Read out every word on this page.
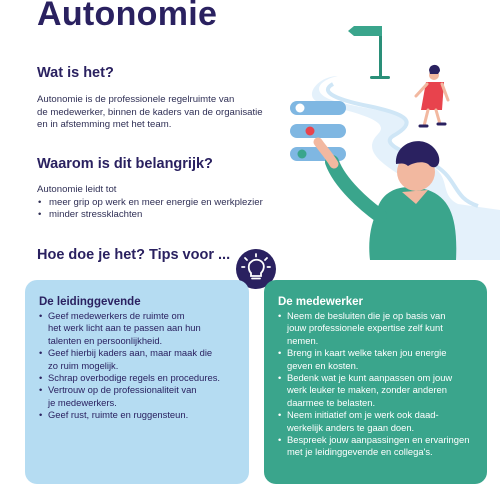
Autonomie
Wat is het?

Autonomie is de professionele regelruimte van

de medewerker, binnen de kaders van de organisatie

en in afstemming met het team.

Waarom is dit belangrijk?

Autonomie leidt tot

• meer grip op werk en meer energie en werkplezier
• minder stressklachten
Hoe doe je het? Tips voor ...
De leidinggevende
• Geef medewerkers de ruimte om
het werk licht aan te passen aan hun
talenten en persoonlijkheid.
• Geef hierbij kaders aan, maar maak die
zo ruim mogelijk.
• Schrap overbodige regels en procedures.
• Vertrouw op de professionaliteit van
je medewerkers.
• Geef rust, ruimte en ruggensteun.
De medewerker
• Neem de besluiten die je op basis van
jouw professionele expertise zelf kunt
nemen.
• Breng in kaart welke taken jou energie
geven en kosten.
• Bedenk wat je kunt aanpassen om jouw
werk leuker te maken, zonder anderen
daarmee te belasten.
• Neem initiatief om je werk ook daad-
werkelijk anders te gaan doen.
• Bespreek jouw aanpassingen en ervaringen
met je leidinggevende en collega's.
